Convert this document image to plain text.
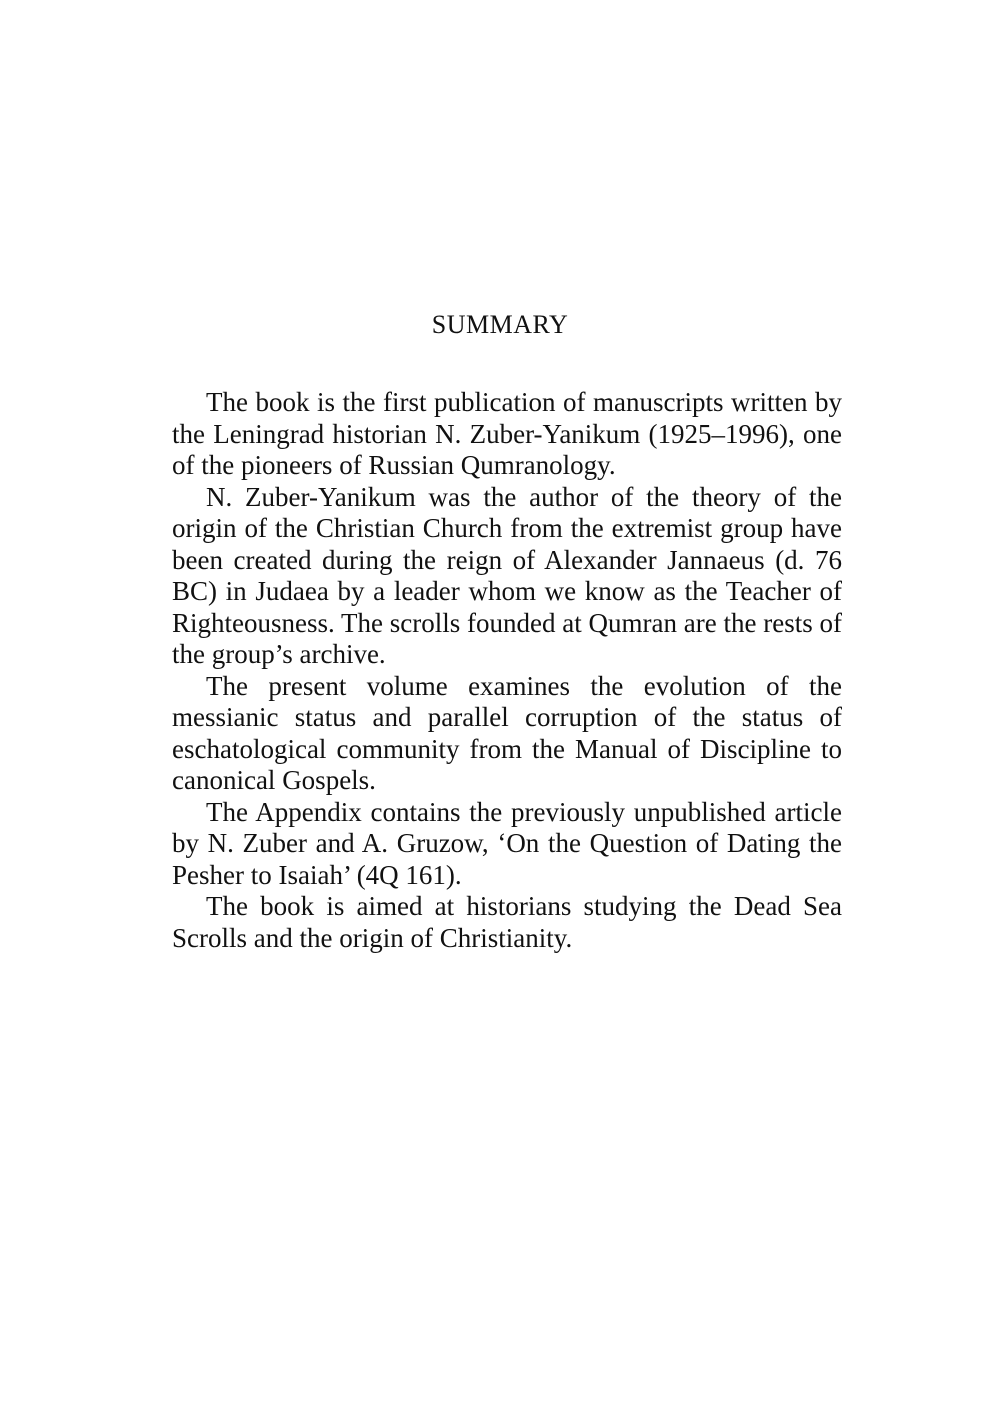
SUMMARY

The book is the first publication of manuscripts written by the Leningrad historian N. Zuber-Yanikum (1925–1996), one of the pioneers of Russian Qumranology.

N. Zuber-Yanikum was the author of the theory of the origin of the Christian Church from the extremist group have been created during the reign of Alexander Jannaeus (d. 76 BC) in Judaea by a leader whom we know as the Teacher of Righteousness. The scrolls founded at Qumran are the rests of the group’s archive.

The present volume examines the evolution of the messianic status and parallel corruption of the status of eschatological community from the Manual of Discipline to canonical Gospels.

The Appendix contains the previously unpublished article by N. Zuber and A. Gruzow, ‘On the Question of Dating the Pesher to Isaiah’ (4Q 161).

The book is aimed at historians studying the Dead Sea Scrolls and the origin of Christianity.
